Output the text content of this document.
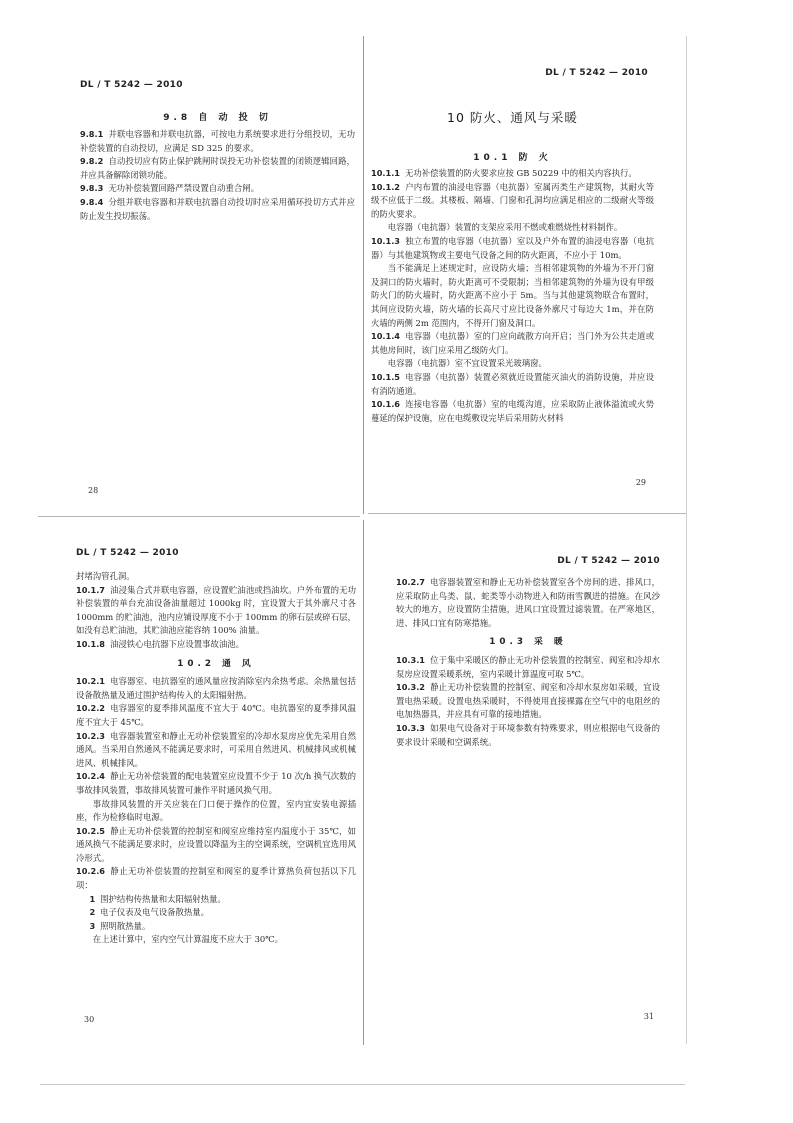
DL / T 5242 — 2010
9.8 自 动 投 切

9.8.1 并联电容器和并联电抗器，可按电力系统要求进行分组投切，无功补偿装置的自动投切，应满足 SD 325 的要求。

9.8.2 自动投切应有防止保护跳闸时误投无功补偿装置的闭锁逻辑回路，并应具备解除闭锁功能。

9.8.3 无功补偿装置回路严禁设置自动重合闸。

9.8.4 分组并联电容器和并联电抗器自动投切时应采用循环投切方式并应防止发生投切振荡。

28
DL / T 5242 — 2010
10 防火、通风与采暖
10.1 防 火

10.1.1 无功补偿装置的防火要求应按 GB 50229 中的相关内容执行。

10.1.2 户内布置的油浸电容器（电抗器）室属丙类生产建筑物，其耐火等级不应低于二级。其楼板、隔墙、门窗和孔洞均应满足相应的二级耐火等级的防火要求。

电容器（电抗器）装置的支架应采用不燃或难燃烧性材料制作。

10.1.3 独立布置的电容器（电抗器）室以及户外布置的油浸电容器（电抗器）与其他建筑物或主要电气设备之间的防火距离，不应小于 10m。

当不能满足上述规定时，应设防火墙；当相邻建筑物的外墙为不开门窗及洞口的防火墙时，防火距离可不受限制；当相邻建筑物的外墙为设有甲级防火门的防火墙时，防火距离不应小于 5m。当与其他建筑物联合布置时，其间应设防火墙，防火墙的长高尺寸应比设备外廓尺寸每边大 1m，并在防火墙的两侧 2m 范围内，不得开门窗及洞口。

10.1.4 电容器（电抗器）室的门应向疏散方向开启；当门外为公共走道或其他房间时，该门应采用乙级防火门。

电容器（电抗器）室不宜设置采光玻璃窗。

10.1.5 电容器（电抗器）装置必须就近设置能灭油火的消防设施，并应设有消防通道。

10.1.6 连接电容器（电抗器）室的电缆沟道，应采取防止液体溢流或火势蔓延的保护设施，应在电缆敷设完毕后采用防火材料

29
DL / T 5242 — 2010

封堵沟管孔洞。

10.1.7 油浸集合式并联电容器，应设置贮油池或挡油坎。户外布置的无功补偿装置的单台充油设备油量超过 1000kg 时，宜设置大于其外廓尺寸各 1000mm 的贮油池，池内应铺设厚度不小于 100mm 的卵石层或碎石层，如没有总贮油池，其贮油池应能容纳 100% 油量。

10.1.8 油浸铁心电抗器下应设置事故油池。

10.2 通 风

10.2.1 电容器室、电抗器室的通风量应按消除室内余热考虑。余热量包括设备散热量及通过围护结构传入的太阳辐射热。

10.2.2 电容器室的夏季排风温度不宜大于 40℃。电抗器室的夏季排风温度不宜大于 45℃。

10.2.3 电容器装置室和静止无功补偿装置室的冷却水泵房应优先采用自然通风。当采用自然通风不能满足要求时，可采用自然进风、机械排风或机械进风、机械排风。

10.2.4 静止无功补偿装置的配电装置室应设置不少于 10 次/h 换气次数的事故排风装置，事故排风装置可兼作平时通风换气用。

事故排风装置的开关应装在门口便于操作的位置，室内宜安装电源插座，作为检修临时电源。

10.2.5 静止无功补偿装置的控制室和阀室应维持室内温度小于 35℃，如通风换气不能满足要求时，应设置以降温为主的空调系统，空调机宜选用风冷形式。

10.2.6 静止无功补偿装置的控制室和阀室的夏季计算热负荷包括以下几项：

1 围护结构传热量和太阳辐射热量。

2 电子仪表及电气设备散热量。

3 照明散热量。

在上述计算中，室内空气计算温度不应大于 30℃。

30
DL / T 5242 — 2010

10.2.7 电容器装置室和静止无功补偿装置室各个房间的进、排风口，应采取防止鸟类、鼠、蛇类等小动物进入和防雨雪飘进的措施。在风沙较大的地方，应设置防尘措施，进风口宜设置过滤装置。在严寒地区，进、排风口宜有防寒措施。

10.3 采 暖

10.3.1 位于集中采暖区的静止无功补偿装置的控制室、阀室和冷却水泵房应设置采暖系统，室内采暖计算温度可取 5℃。

10.3.2 静止无功补偿装置的控制室、阀室和冷却水泵房如采暖，宜设置电热采暖。设置电热采暖时，不得使用直接裸露在空气中的电阻丝的电加热器具，并应具有可靠的接地措施。

10.3.3 如果电气设备对于环境参数有特殊要求，则应根据电气设备的要求设计采暖和空调系统。

31
